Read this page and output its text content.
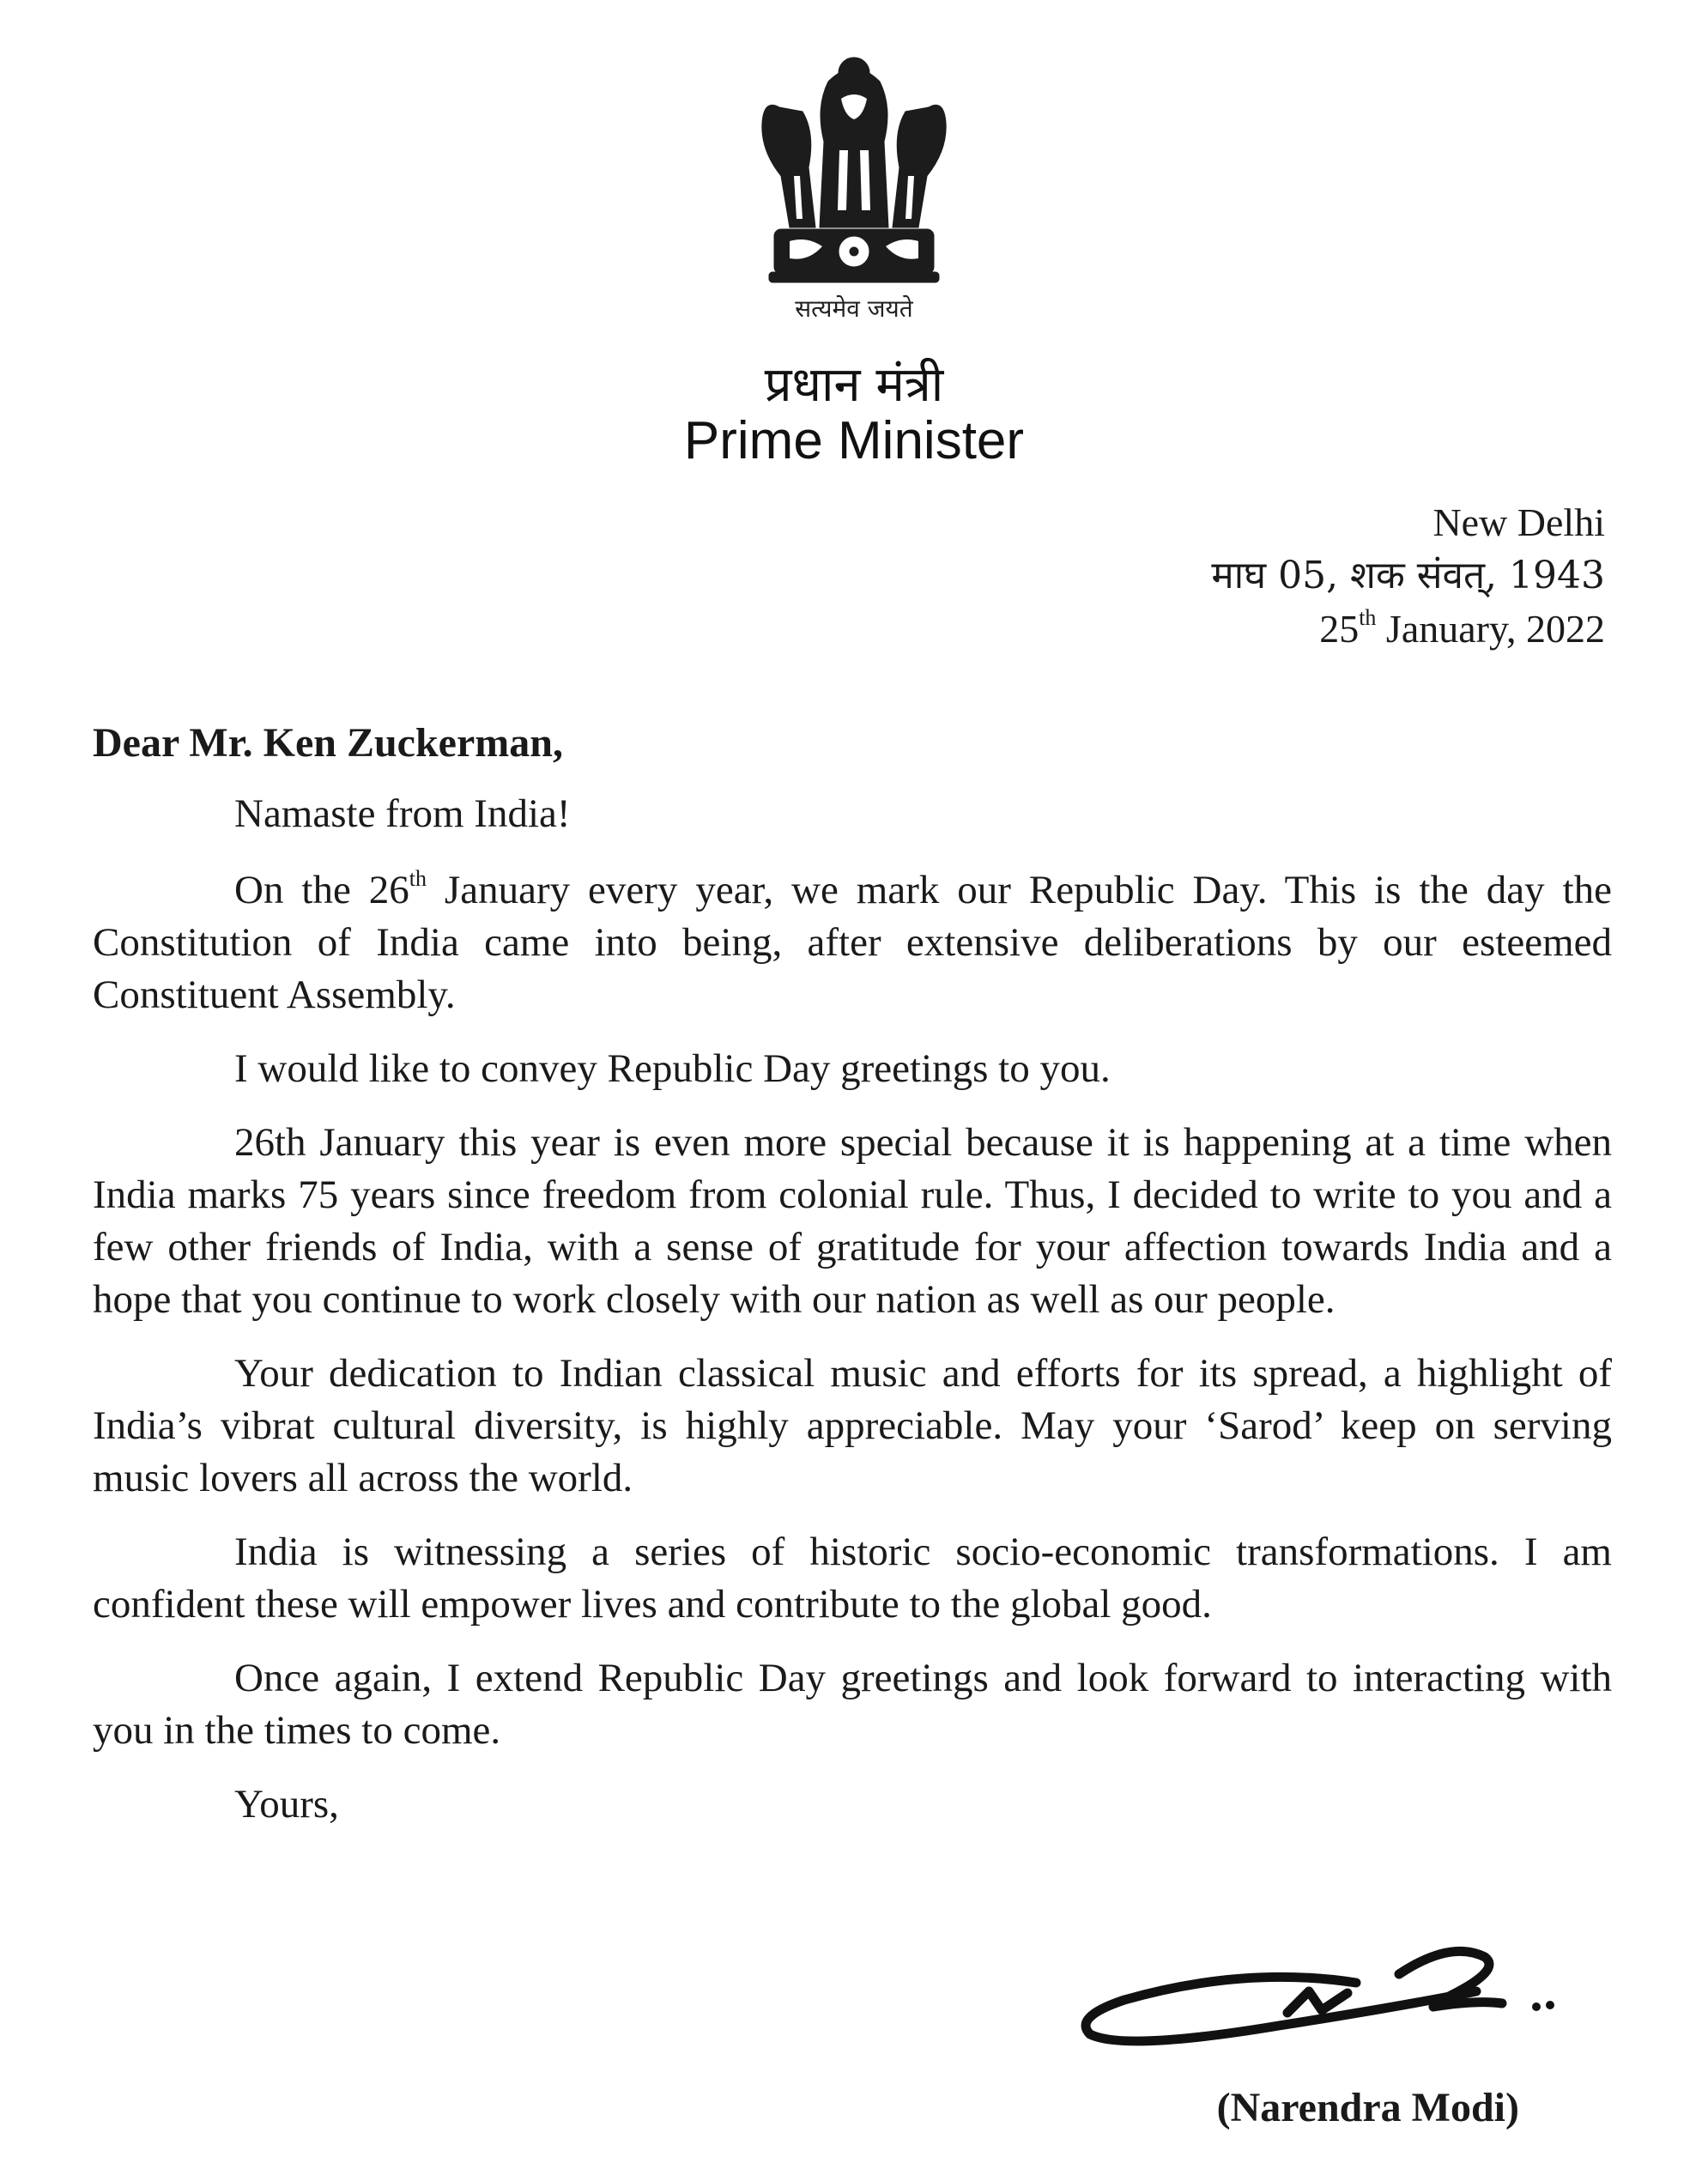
सत्यमेव जयते
प्रधान मंत्री
Prime Minister
New Delhi
माघ 05, शक संवत्, 1943
25th January, 2022
Dear Mr. Ken Zuckerman,

Namaste from India!

On the 26th January every year, we mark our Republic Day. This is the day the Constitution of India came into being, after extensive deliberations by our esteemed Constituent Assembly.

I would like to convey Republic Day greetings to you.

26th January this year is even more special because it is happening at a time when India marks 75 years since freedom from colonial rule. Thus, I decided to write to you and a few other friends of India, with a sense of gratitude for your affection towards India and a hope that you continue to work closely with our nation as well as our people.

Your dedication to Indian classical music and efforts for its spread, a highlight of India’s vibrat cultural diversity, is highly appreciable. May your ‘Sarod’ keep on serving music lovers all across the world.

India is witnessing a series of historic socio-economic transformations. I am confident these will empower lives and contribute to the global good.

Once again, I extend Republic Day greetings and look forward to interacting with you in the times to come.

Yours,

(Narendra Modi)
